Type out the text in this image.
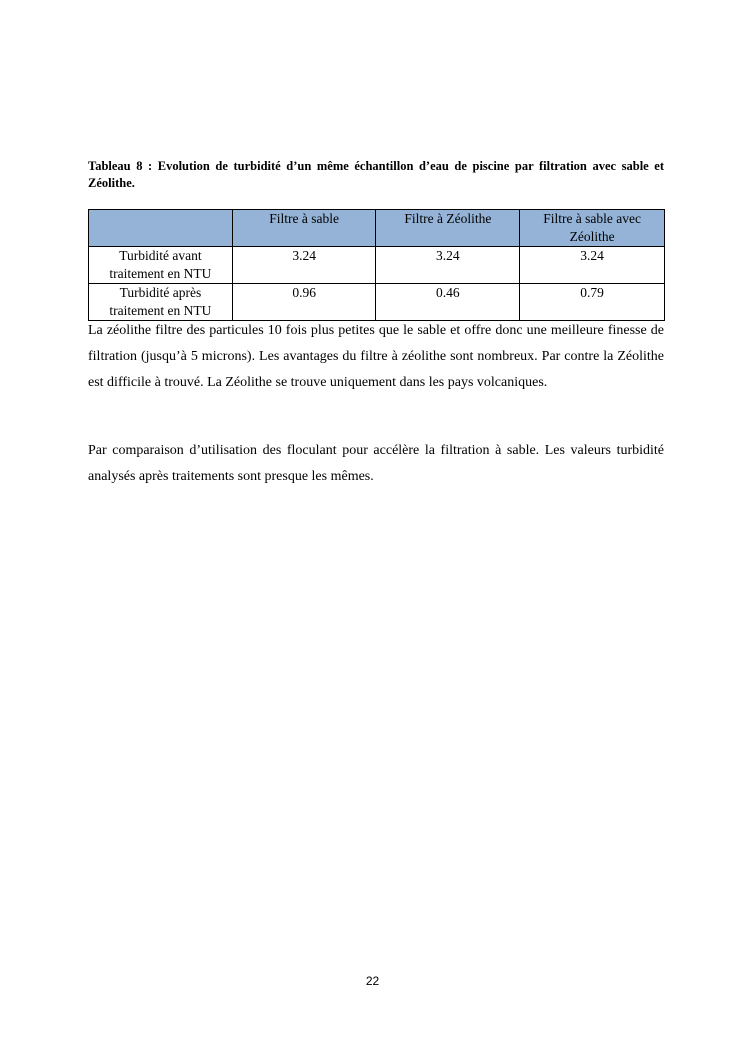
Tableau 8 : Evolution de turbidité d’un même échantillon d’eau de piscine par filtration avec sable et Zéolithe.

	Filtre à sable	Filtre à Zéolithe	Filtre à sable avec Zéolithe
Turbidité avant traitement en NTU	3.24	3.24	3.24
Turbidité après traitement en NTU	0.96	0.46	0.79

La zéolithe filtre des particules 10 fois plus petites que le sable et offre donc une meilleure finesse de filtration (jusqu’à 5 microns). Les avantages du filtre à zéolithe sont nombreux. Par contre la Zéolithe est difficile à trouvé. La Zéolithe se trouve uniquement dans les pays volcaniques.

Par comparaison d’utilisation des floculant pour accélère la filtration à sable. Les valeurs turbidité analysés après traitements sont presque les mêmes.

22
